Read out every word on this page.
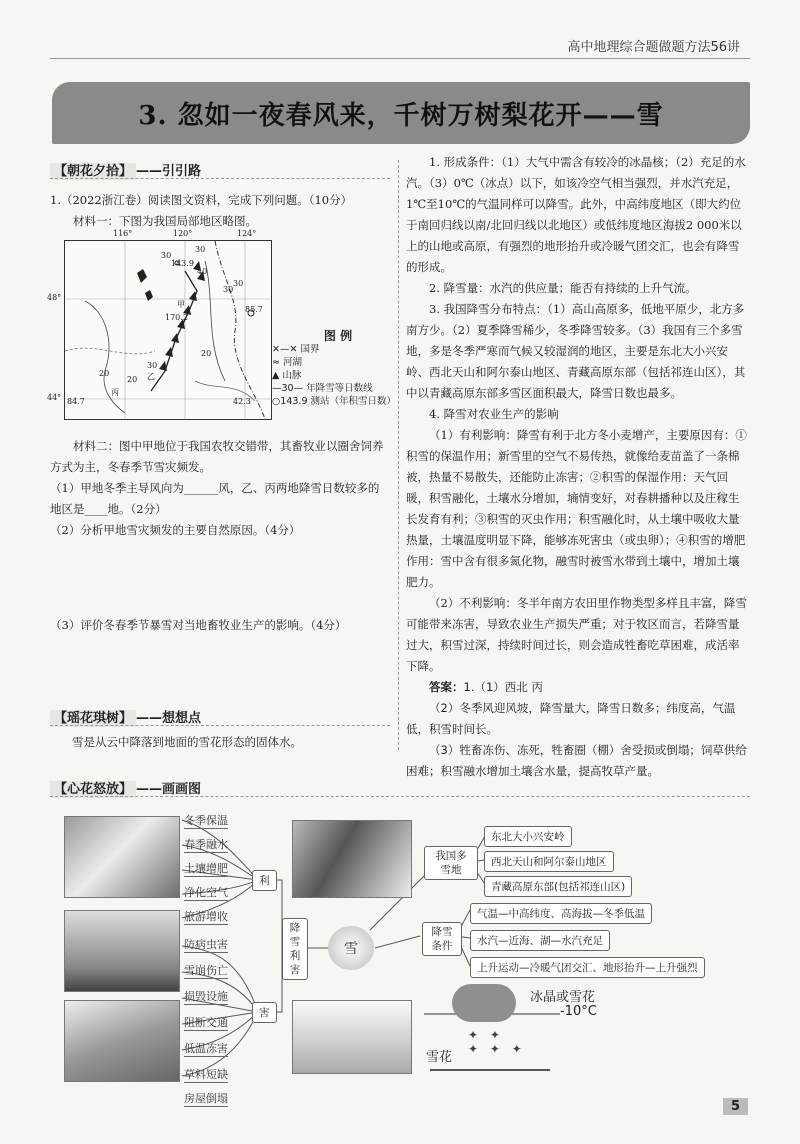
高中地理综合题做题方法56讲
3. 忽如一夜春风来，千树万树梨花开——雪
【朝花夕拾】 ——引引路

1.（2022浙江卷）阅读图文资料，完成下列问题。（10分）

材料一：下图为我国局部地区略图。

116°	120°	124°
48°
44°
30
30
40
143.9
30
30
170.2
85.7
20
30
20
20
84.7	42.3
甲
乙
丙
图 例
✕—✕ 国界
≈ 河湖
▲ 山脉
—30— 年降雪等日数线
○143.9 测站（年积雪日数）

材料二：图中甲地位于我国农牧交错带，其畜牧业以圈舍饲养方式为主，冬春季节雪灾频发。

（1）甲地冬季主导风向为______风，乙、丙两地降雪日数较多的地区是____地。（2分）

（2）分析甲地雪灾频发的主要自然原因。（4分）

（3）评价冬春季节暴雪对当地畜牧业生产的影响。（4分）

【瑶花琪树】 ——想想点
雪是从云中降落到地面的雪花形态的固体水。

1. 形成条件：（1）大气中需含有较冷的冰晶核；（2）充足的水汽。（3）0℃（冰点）以下，如该冷空气相当强烈，并水汽充足，1℃至10℃的气温同样可以降雪。此外，中高纬度地区（即大约位于南回归线以南/北回归线以北地区）或低纬度地区海拔2 000米以上的山地或高原，有强烈的地形抬升或冷暖气团交汇，也会有降雪的形成。

2. 降雪量：水汽的供应量；能否有持续的上升气流。

3. 我国降雪分布特点：（1）高山高原多，低地平原少，北方多南方少。（2）夏季降雪稀少，冬季降雪较多。（3）我国有三个多雪地，多是冬季严寒而气候又较湿润的地区，主要是东北大小兴安岭、西北天山和阿尔泰山地区、青藏高原东部（包括祁连山区），其中以青藏高原东部多雪区面积最大，降雪日数也最多。

4. 降雪对农业生产的影响

（1）有利影响：降雪有利于北方冬小麦增产，主要原因有：①积雪的保温作用；新雪里的空气不易传热，就像给麦苗盖了一条棉被，热量不易散失，还能防止冻害；②积雪的保湿作用：天气回暖，积雪融化，土壤水分增加，墒情变好，对春耕播种以及庄稼生长发育有利；③积雪的灭虫作用；积雪融化时，从土壤中吸收大量热量，土壤温度明显下降，能够冻死害虫（或虫卵）；④积雪的增肥作用：雪中含有很多氮化物，融雪时被雪水带到土壤中，增加土壤肥力。

（2）不利影响：冬半年南方农田里作物类型多样且丰富，降雪可能带来冻害，导致农业生产损失严重；对于牧区而言，若降雪量过大，积雪过深，持续时间过长，则会造成牲畜吃草困难，成活率下降。

答案：1.（1）西北 丙

（2）冬季风迎风坡，降雪量大，降雪日数多；纬度高，气温低，积雪时间长。

（3）牲畜冻伤、冻死，牲畜圈（棚）舍受损或倒塌；饲草供给困难；积雪融水增加土壤含水量，提高牧草产量。

【心花怒放】 ——画画图
冬季保温
春季融水
土壤增肥
净化空气
旅游增收
防病虫害
雪崩伤亡
损毁设施
阻断交通
低温冻害
草料短缺
房屋倒塌
利
害
降雪利害
雪
我国多雪地
东北大小兴安岭
西北天山和阿尔泰山地区
青藏高原东部(包括祁连山区)
降雪条件
气温—中高纬度、高海拔—冬季低温
水汽—近海、湖—水汽充足
上升运动—冷暖气团交汇、地形抬升—上升强烈
冰晶或雪花
-10°C
✦ ✦
✦ ✦ ✦
雪花
5
